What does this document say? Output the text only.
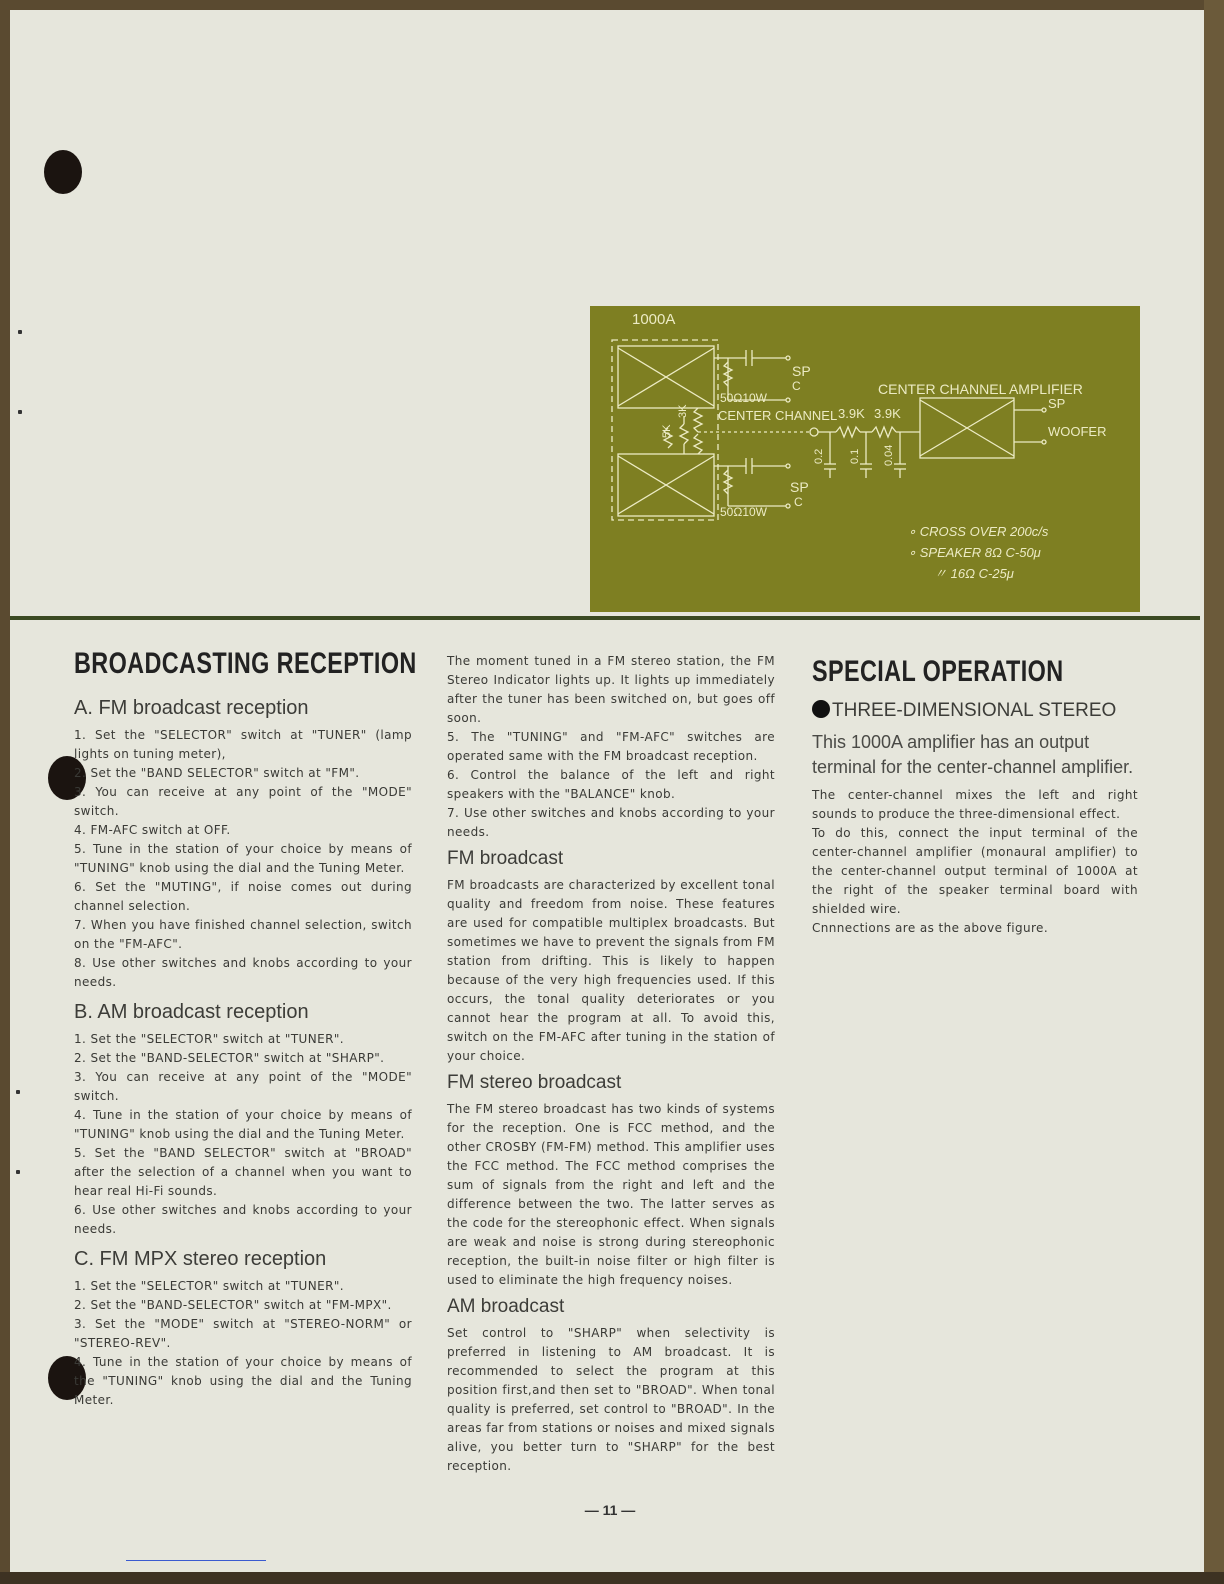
1000A
SP
C
50Ω10W
3K
5K
CENTER CHANNEL 3.9K 3.9K
0.2 0.1 0.04
SP
C
50Ω10W
CENTER CHANNEL AMPLIFIER
SP
WOOFER
∘ CROSS OVER 200c/s
∘ SPEAKER 8Ω C-50μ
〃 16Ω C-25μ
BROADCASTING RECEPTION
A. FM broadcast reception

1. Set the "SELECTOR" switch at "TUNER" (lamp lights on tuning meter),

2. Set the "BAND SELECTOR" switch at "FM".

3. You can receive at any point of the "MODE" switch.

4. FM-AFC switch at OFF.

5. Tune in the station of your choice by means of "TUNING" knob using the dial and the Tuning Meter.

6. Set the "MUTING", if noise comes out during channel selection.

7. When you have finished channel selection, switch on the "FM-AFC".

8. Use other switches and knobs according to your needs.

B. AM broadcast reception

1. Set the "SELECTOR" switch at "TUNER".

2. Set the "BAND-SELECTOR" switch at "SHARP".

3. You can receive at any point of the "MODE" switch.

4. Tune in the station of your choice by means of "TUNING" knob using the dial and the Tuning Meter.

5. Set the "BAND SELECTOR" switch at "BROAD" after the selection of a channel when you want to hear real Hi-Fi sounds.

6. Use other switches and knobs according to your needs.

C. FM MPX stereo reception

1. Set the "SELECTOR" switch at "TUNER".

2. Set the "BAND-SELECTOR" switch at "FM-MPX".

3. Set the "MODE" switch at "STEREO-NORM" or "STEREO-REV".

4. Tune in the station of your choice by means of the "TUNING" knob using the dial and the Tuning Meter.

The moment tuned in a FM stereo station, the FM Stereo Indicator lights up. It lights up immediately after the tuner has been switched on, but goes off soon.

5. The "TUNING" and "FM-AFC" switches are operated same with the FM broadcast reception.

6. Control the balance of the left and right speakers with the "BALANCE" knob.

7. Use other switches and knobs according to your needs.

FM broadcast

FM broadcasts are characterized by excellent tonal quality and freedom from noise. These features are used for compatible multiplex broadcasts. But sometimes we have to prevent the signals from FM station from drifting. This is likely to happen because of the very high frequencies used. If this occurs, the tonal quality deteriorates or you cannot hear the program at all. To avoid this, switch on the FM-AFC after tuning in the station of your choice.

FM stereo broadcast

The FM stereo broadcast has two kinds of systems for the reception. One is FCC method, and the other CROSBY (FM-FM) method. This amplifier uses the FCC method. The FCC method comprises the sum of signals from the right and left and the difference between the two. The latter serves as the code for the stereophonic effect. When signals are weak and noise is strong during stereophonic reception, the built-in noise filter or high filter is used to eliminate the high frequency noises.

AM broadcast

Set control to "SHARP" when selectivity is preferred in listening to AM broadcast. It is recommended to select the program at this position first,and then set to "BROAD". When tonal quality is preferred, set control to "BROAD". In the areas far from stations or noises and mixed signals alive, you better turn to "SHARP" for the best reception.

SPECIAL OPERATION
THREE-DIMENSIONAL STEREO
This 1000A amplifier has an output terminal for the center-channel amplifier.

The center-channel mixes the left and right sounds to produce the three-dimensional effect.

To do this, connect the input terminal of the center-channel amplifier (monaural amplifier) to the center-channel output terminal of 1000A at the right of the speaker terminal board with shielded wire.

Cnnnections are as the above figure.

— 11 —
